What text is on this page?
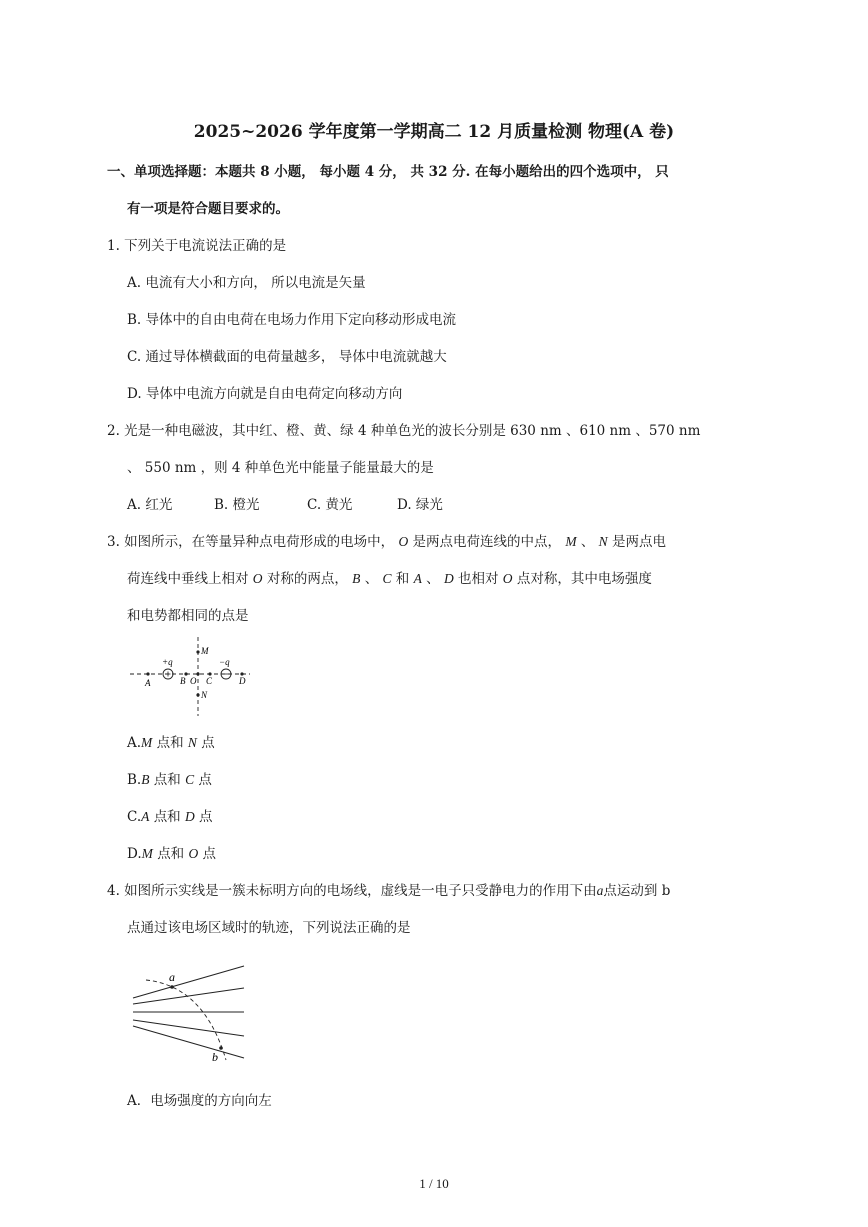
2025~2026 学年度第一学期高二 12 月质量检测 物理(A 卷)
一、单项选择题：本题共 8 小题， 每小题 4 分， 共 32 分. 在每小题给出的四个选项中， 只
有一项是符合题目要求的。
1. 下列关于电流说法正确的是
A. 电流有大小和方向， 所以电流是矢量
B. 导体中的自由电荷在电场力作用下定向移动形成电流
C. 通过导体横截面的电荷量越多， 导体中电流就越大
D. 导体中电流方向就是自由电荷定向移动方向
2. 光是一种电磁波，其中红、橙、黄、绿 4 种单色光的波长分别是 630 nm 、610 nm 、570 nm
、 550 nm ，则 4 种单色光中能量子能量最大的是
A. 红光	B. 橙光	C. 黄光	D. 绿光
3. 如图所示，在等量异种点电荷形成的电场中， O 是两点电荷连线的中点， M 、 N 是两点电
荷连线中垂线上相对 O 对称的两点， B 、 C 和 A 、 D 也相对 O 点对称，其中电场强度
和电势都相同的点是
+q	−q
A	B O C	D
M
N
A.M 点和 N 点
B.B 点和 C 点
C.A 点和 D 点
D.M 点和 O 点
4. 如图所示实线是一簇未标明方向的电场线，虚线是一电子只受静电力的作用下由a点运动到 b
点通过该电场区域时的轨迹，下列说法正确的是
a
b
A．电场强度的方向向左
1 / 10
